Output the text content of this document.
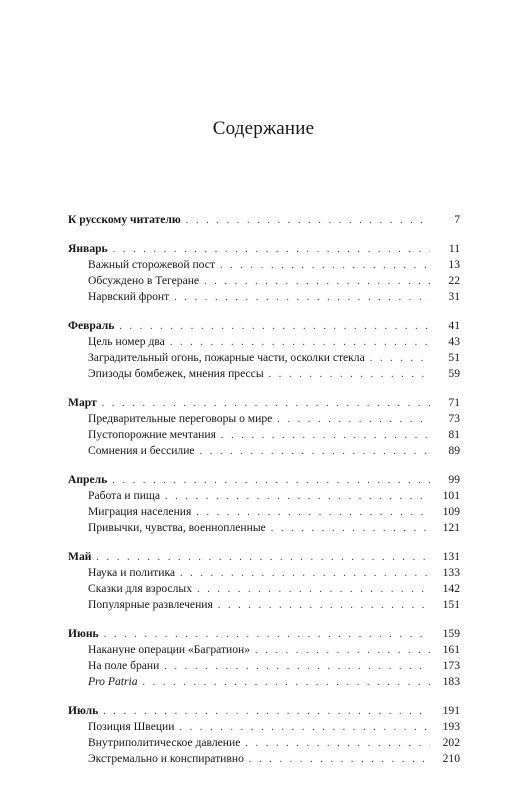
Содержание
К русскому читателю . . .	7
Январь . . .	11
Важный сторожевой пост . . .	13
Обсуждено в Тегеране . . .	22
Нарвский фронт . . .	31
Февраль . . .	41
Цель номер два . . .	43
Заградительный огонь, пожарные части, осколки стекла . . .	51
Эпизоды бомбежек, мнения прессы . . .	59
Март . . .	71
Предварительные переговоры о мире . . .	73
Пустопорожние мечтания . . .	81
Сомнения и бессилие . . .	89
Апрель . . .	99
Работа и пища . . .	101
Миграция населения . . .	109
Привычки, чувства, военнопленные . . .	121
Май . . .	131
Наука и политика . . .	133
Сказки для взрослых . . .	142
Популярные развлечения . . .	151
Июнь . . .	159
Накануне операции «Багратион» . . .	161
На поле брани . . .	173
Pro Patria . . .	183
Июль . . .	191
Позиция Швеции . . .	193
Внутриполитическое давление . . .	202
Экстремально и конспиративно . . .	210
